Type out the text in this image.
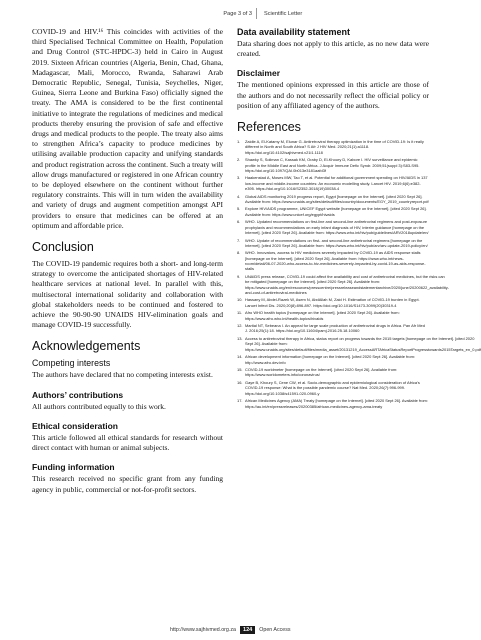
Page 3 of 3 Scientific Letter

COVID-19 and HIV.¹⁶ This coincides with activities of the third Specialised Technical Committee on Health, Population and Drug Control (STC-HPDC-3) held in Cairo in August 2019. Sixteen African countries (Algeria, Benin, Chad, Ghana, Madagascar, Mali, Morocco, Rwanda, Saharawi Arab Democratic Republic, Senegal, Tunisia, Seychelles, Niger, Guinea, Sierra Leone and Burkina Faso) officially signed the treaty. The AMA is considered to be the first continental initiative to integrate the regulations of medicines and medical products thereby ensuring the provision of safe and effective drugs and medical products to the people. The treaty also aims to strengthen Africa’s capacity to produce medicines by utilising available production capacity and unifying standards and product registration across the continent. Such a treaty will allow drugs manufactured or registered in one African country to be deployed elsewhere on the continent without further regulatory constraints. This will in turn widen the availability and variety of drugs and augment competition amongst API providers to ensure that medicines can be offered at an optimum and affordable price.

Conclusion

The COVID-19 pandemic requires both a short- and long-term strategy to overcome the anticipated shortages of HIV-related healthcare services at national level. In parallel with this, multisectoral international solidarity and collaboration with global stakeholders needs to be continued and fostered to achieve the 90-90-90 UNAIDS HIV-elimination goals and manage COVID-19 successfully.

Acknowledgements
Competing interests

The authors have declared that no competing interests exist.

Authors’ contributions

All authors contributed equally to this work.

Ethical consideration

This article followed all ethical standards for research without direct contact with human or animal subjects.

Funding information

This research received no specific grant from any funding agency in public, commercial or not-for-profit sectors.

Data availability statement

Data sharing does not apply to this article, as no new data were created.

Disclaimer

The mentioned opinions expressed in this article are those of the authors and do not necessarily reflect the official policy or position of any affiliated agency of the authors.

References
1.	Zaidle A, El-Katamy M, Elunar G. Antiretroviral therapy optimization in the time of COVID-19: Is it really different in North and South Africa? S Afr J HIV Med. 2020;21(1):a1118. https://doi.org/10.4102/sajhivmed.v21i1.1118
2.	Shawky S, Soliman C, Kassak KM, Oraby D, El-Khoury D, Kabore I. HIV surveillance and epidemic profile in the Middle East and North Africa. J Acquir Immune Defic Syndr. 2009;51(suppl 3):S83-S95. https://doi.org/10.1097/QAI.0b013e3181aafd3f
3.	Haakenstad A, Moses MW, Tao T, et al. Potential for additional government spending on HIV/AIDS in 137 low-income and middle-income countries: An economic modelling study. Lancet HIV. 2019;6(6):e382-e395. https://doi.org/10.1016/S2352-3018(19)30038-4
4.	Global AIDS monitoring 2019 progress report, Egypt [homepage on the Internet]. [cited 2020 Sept 26]. Available from: https://www.unaids.org/sites/default/files/country/documents/EGY_2019_countryreport.pdf
5.	Explore HIV/AIDS programme, UNICEF Egypt website [homepage on the Internet]. [cited 2020 Sept 26]. Available from: https://www.unicef.org/egypt/hivaids
6.	WHO. Updated recommendations on first-line and second-line antiretroviral regimens and post-exposure prophylaxis and recommendations on early infant diagnosis of HIV, interim guidance [homepage on the Internet]. [cited 2020 Sept 26]. Available from: https://www.who.int/hiv/pub/guidelines/ARV2018update/en/
7.	WHO. Update of recommendations on first- and second-line antiretroviral regimens [homepage on the Internet]. [cited 2020 Sept 26]. Available from: https://www.who.int/hiv/pub/arv/arv-update-2019-policy/en/
8.	WHO. Innovators, access to HIV medicines severely impacted by COVID-19 as AIDS response stalls [homepage on the Internet]. [cited 2020 Sept 26]. Available from: https://www.who.int/news-room/detail/06-07-2020-who-access-to-hiv-medicines-severely-impacted-by-covid-19-as-aids-response-stalls
9.	UNAIDS press release, COVID-19 could affect the availability and cost of antiretroviral medicines, but the risks can be mitigated [homepage on the Internet]. [cited 2020 Sept 26]. Available from: https://www.unaids.org/en/resources/presscentre/pressreleaseandstatementarchive/2020/june/20200622_availability-and-cost-of-antiretroviral-medicines
10. Hassany M, Abdel-Razek W, Asem N, AbdAllah M, Zaid H. Estimation of COVID-19 burden in Egypt. Lancet Infect Dis. 2020;20(8):896-897. https://doi.org/10.1016/S1473-3099(20)30319-4
11. Afro WHO health topics [homepage on the Internet]. [cited 2020 Sept 26]. Available from: https://www.afro.who.int/health-topics/hivaids
12. Martial NT, Sebeana I. An appeal for large scale production of antiretroviral drugs in Africa. Pan Afr Med J. 2016;25(1):18. https://doi.org/10.11604/pamj.2016.25.18.10060
13. Access to antiretroviral therapy in Africa, status report on progress towards the 2015 targets [homepage on the Internet]. [cited 2020 Sept 26]. Available from: https://www.unaids.org/sites/default/files/media_asset/20131219_AccessARTAfricaStatusReportProgresstowards2015Targets_en_0.pdf
14. African development information [homepage on the Internet]. [cited 2020 Sept 26]. Available from: http://www.afro.dev.info
15. COVID-19 worldmeter [homepage on the Internet]. [cited 2020 Sept 26]. Available from: https://www.worldometers.info/coronavirus/
16. Gaye B, Khoury S, Cene CW, et al. Socio-demographic and epidemiological consideration of Africa’s COVID-19 response: What is the possible pandemic course? Nat Med. 2020;26(7):996-999. https://doi.org/10.1038/s41591-020-0960-y
17. African Medicines Agency (AMA) Treaty [homepage on the Internet]. [cited 2020 Sept 26]. Available from: https://au.int/en/pressreleases/20200385/african-medicines-agency-ama-treaty
http://www.sajhivmed.org.za	124	Open Access
